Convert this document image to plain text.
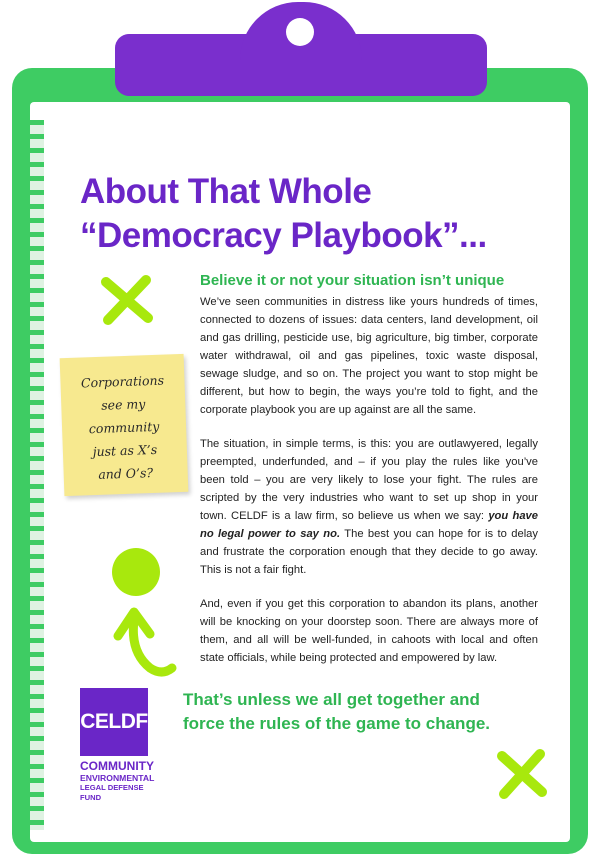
About That Whole
“Democracy Playbook”...
Believe it or not your situation isn’t unique

We’ve seen communities in distress like yours hundreds of times, connected to dozens of issues: data centers, land development, oil and gas drilling, pesticide use, big agriculture, big timber, corporate water withdrawal, oil and gas pipelines, toxic waste disposal, sewage sludge, and so on. The project you want to stop might be different, but how to begin, the ways you’re told to fight, and the corporate playbook you are up against are all the same.

The situation, in simple terms, is this: you are outlawyered, legally preempted, underfunded, and – if you play the rules like you’ve been told – you are very likely to lose your fight. The rules are scripted by the very industries who want to set up shop in your town. CELDF is a law firm, so believe us when we say: you have no legal power to say no. The best you can hope for is to delay and frustrate the corporation enough that they decide to go away. This is not a fair fight.

And, even if you get this corporation to abandon its plans, another will be knocking on your doorstep soon. There are always more of them, and all will be well-funded, in cahoots with local and often state officials, while being protected and empowered by law.

Corporations
see my
community
just as X’s
and O’s?
That’s unless we all get together and
force the rules of the game to change.
CELDF
COMMUNITY
ENVIRONMENTAL
LEGAL DEFENSE FUND
